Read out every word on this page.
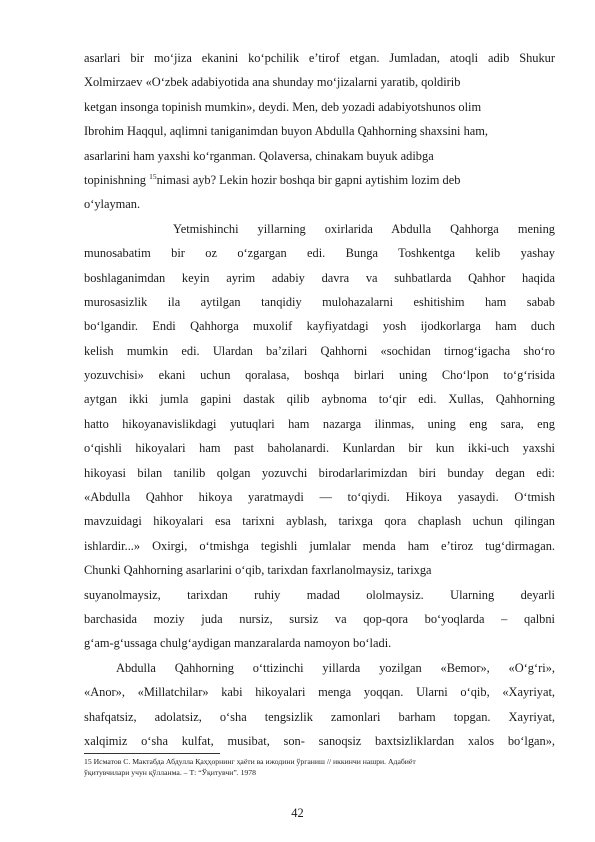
asarlari bir mo‘jiza ekanini ko‘pchilik e’tirof etgan. Jumladan, atoqli adib Shukur
Xolmirzaev «O‘zbek adabiyotida ana shunday mo‘jizalarni yaratib, qoldirib
ketgan insonga topinish mumkin», deydi. Men, deb yozadi adabiyotshunos olim
Ibrohim Haqqul, aqlimni taniganimdan buyon Abdulla Qahhorning shaxsini ham,
asarlarini ham yaxshi ko‘rganman. Qolaversa, chinakam buyuk adibga
topinishning $^{15}$nimasi ayb? Lekin hozir boshqa bir gapni aytishim lozim deb
o‘ylayman.
Yetmishinchi yillarning oxirlarida Abdulla Qahhorga mening
munosabatim bir oz o‘zgargan edi. Bunga Toshkentga kelib yashay
boshlaganimdan keyin ayrim adabiy davra va suhbatlarda Qahhor haqida
murosasizlik ila aytilgan tanqidiy mulohazalarni eshitishim ham sabab
bo‘lgandir. Endi Qahhorga muxolif kayfiyatdagi yosh ijodkorlarga ham duch
kelish mumkin edi. Ulardan ba’zilari Qahhorni «sochidan tirnog‘igacha sho‘ro
yozuvchisi» ekani uchun qoralasa, boshqa birlari uning Cho‘lpon to‘g‘risida
aytgan ikki jumla gapini dastak qilib aybnoma to‘qir edi. Xullas, Qahhorning
hatto hikoyanavislikdagi yutuqlari ham nazarga ilinmas, uning eng sara, eng
o‘qishli hikoyalari ham past baholanardi. Kunlardan bir kun ikki-uch yaxshi
hikoyasi bilan tanilib qolgan yozuvchi birodarlarimizdan biri bunday degan edi:
«Abdulla Qahhor hikoya yaratmaydi — to‘qiydi. Hikoya yasaydi. O‘tmish
mavzuidagi hikoyalari esa tarixni ayblash, tarixga qora chaplash uchun qilingan
ishlardir...» Oxirgi, o‘tmishga tegishli jumlalar menda ham e’tiroz tug‘dirmagan.
Chunki Qahhorning asarlarini o‘qib, tarixdan faxrlanolmaysiz, tarixga
suyanolmaysiz, tarixdan ruhiy madad ololmaysiz. Ularning deyarli
barchasida moziy juda nursiz, sursiz va qop-qora bo‘yoqlarda – qalbni
g‘am-g‘ussaga chulg‘aydigan manzaralarda namoyon bo‘ladi.
Abdulla Qahhorning o‘ttizinchi yillarda yozilgan «Bemor», «O‘g‘ri»,
«Anor», «Millatchilar» kabi hikoyalari menga yoqqan. Ularni o‘qib, «Xayriyat,
shafqatsiz, adolatsiz, o‘sha tengsizlik zamonlari barham topgan. Xayriyat,
xalqimiz o‘sha kulfat, musibat, son- sanoqsiz baxtsizliklardan xalos bo‘lgan»,
15 Исматов С. Мактабда Абдулла Қаҳҳорнинг ҳаёти ва ижодини ўрганиш // иккинчи нашри. Адабиёт
ўқитувчилари учун қўлланма. – Т: “Ўқитувчи”. 1978
42
